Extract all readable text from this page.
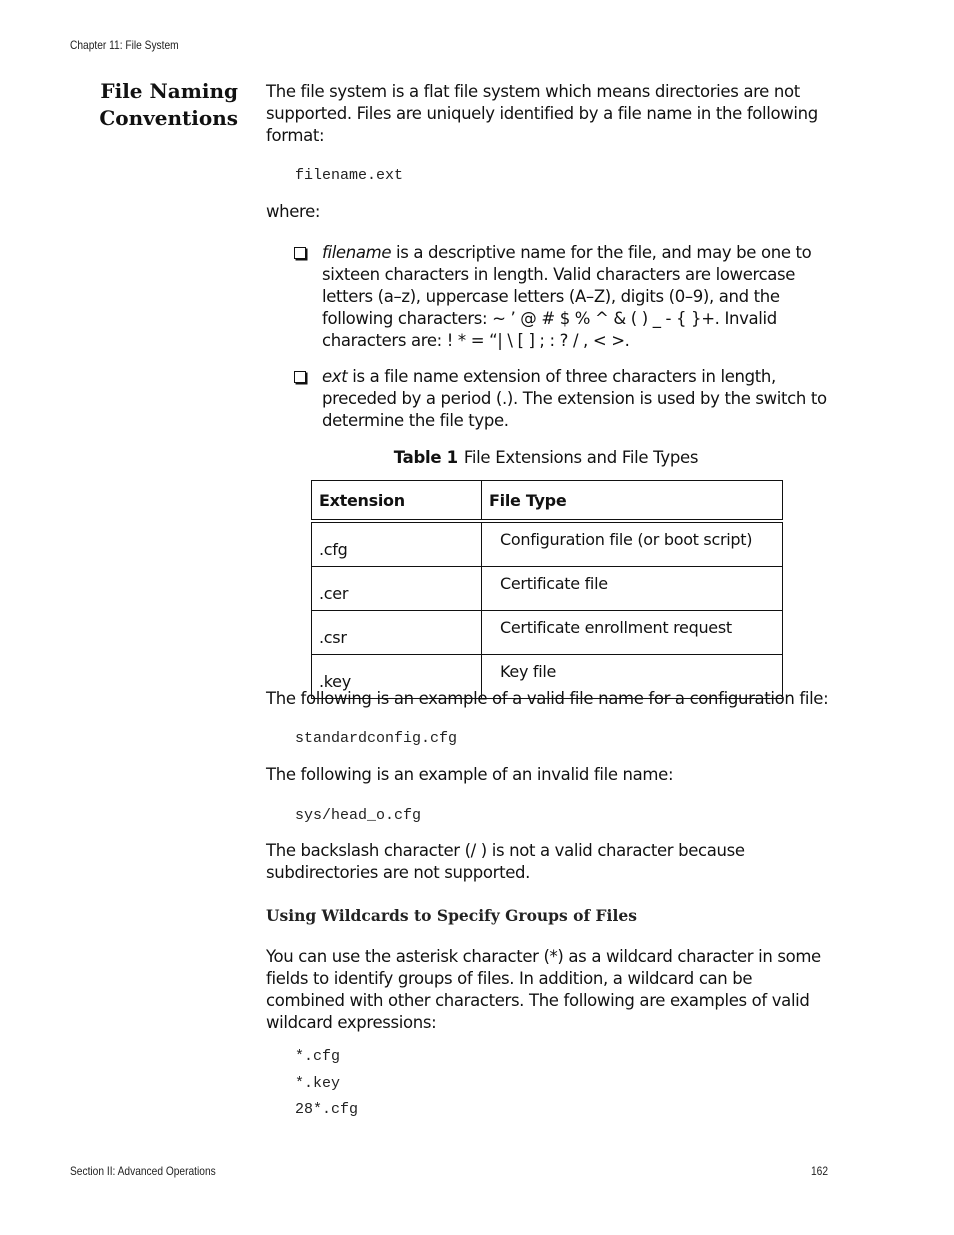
Chapter 11: File System
File Naming
Conventions
The file system is a flat file system which means directories are not supported. Files are uniquely identified by a file name in the following format:
filename.ext
where:
filename is a descriptive name for the file, and may be one to sixteen characters in length. Valid characters are lowercase letters (a–z), uppercase letters (A–Z), digits (0–9), and the following characters: ~ ’ @ # $ % ^ & ( ) _ - { }+. Invalid characters are: ! * = “| \ [ ] ; : ? / , < >.
ext is a file name extension of three characters in length, preceded by a period (.). The extension is used by the switch to determine the file type.
Table 1 File Extensions and File Types
Extension	File Type
.cfg	Configuration file (or boot script)
.cer	Certificate file
.csr	Certificate enrollment request
.key	Key file
The following is an example of a valid file name for a configuration file:
standardconfig.cfg
The following is an example of an invalid file name:
sys/head_o.cfg
The backslash character (/ ) is not a valid character because subdirectories are not supported.
Using Wildcards to Specify Groups of Files
You can use the asterisk character (*) as a wildcard character in some fields to identify groups of files. In addition, a wildcard can be combined with other characters. The following are examples of valid wildcard expressions:
*.cfg
*.key
28*.cfg
Section II: Advanced Operations	162
